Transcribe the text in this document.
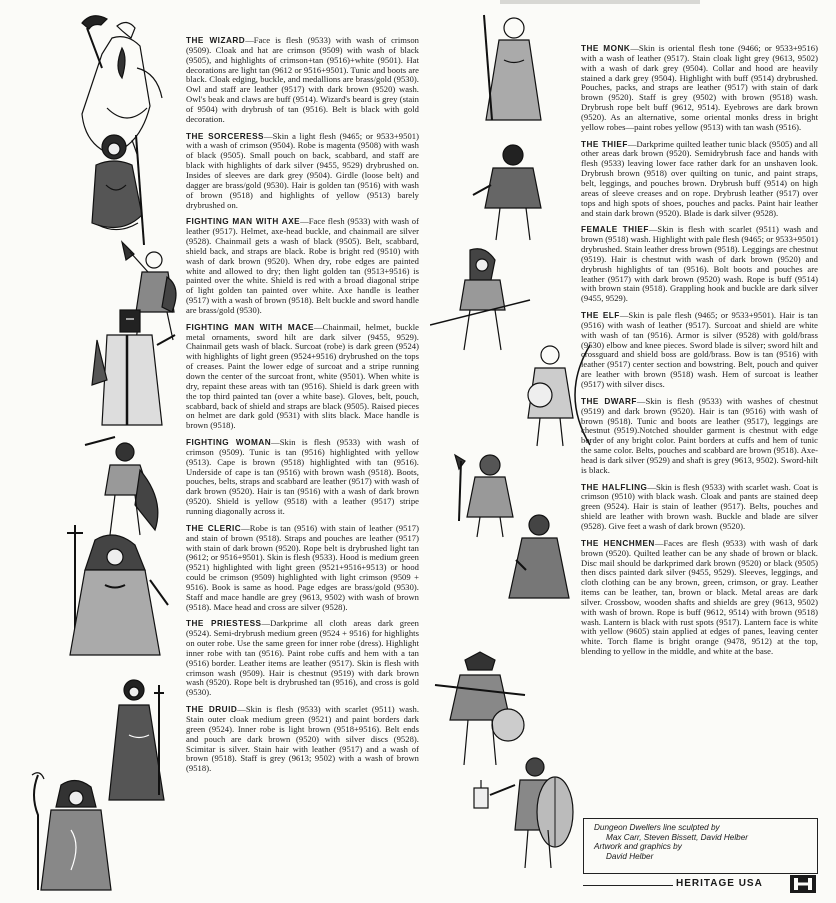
THE WIZARD—Face is flesh (9533) with wash of crimson (9509). Cloak and hat are crimson (9509) with wash of black (9505), and highlights of crimson+tan (9516)+white (9501). Hat decorations are light tan (9612 or 9516+9501). Tunic and boots are black. Cloak edging, buckle, and medallions are brass/gold (9530). Owl and staff are leather (9517) with dark brown (9520) wash. Owl's beak and claws are buff (9514). Wizard's beard is grey (stain of 9504) with drybrush of tan (9516). Belt is black with gold decoration.

THE SORCERESS—Skin a light flesh (9465; or 9533+9501) with a wash of crimson (9504). Robe is magenta (9508) with wash of black (9505). Small pouch on back, scabbard, and staff are black with highlights of dark silver (9455, 9529) drybrushed on. Insides of sleeves are dark grey (9504). Girdle (loose belt) and dagger are brass/gold (9530). Hair is golden tan (9516) with wash of brown (9518) and highlights of yellow (9513) barely drybrushed on.

FIGHTING MAN WITH AXE—Face flesh (9533) with wash of leather (9517). Helmet, axe-head buckle, and chainmail are silver (9528). Chainmail gets a wash of black (9505). Belt, scabbard, shield back, and straps are black. Robe is bright red (9510) with wash of dark brown (9520). When dry, robe edges are painted white and allowed to dry; then light golden tan (9513+9516) is painted over the white. Shield is red with a broad diagonal stripe of light golden tan painted over white. Axe handle is leather (9517) with a wash of brown (9518). Belt buckle and sword handle are brass/gold (9530).

FIGHTING MAN WITH MACE—Chainmail, helmet, buckle metal ornaments, sword hilt are dark silver (9455, 9529). Chainmail gets wash of black. Surcoat (robe) is dark green (9524) with highlights of light green (9524+9516) drybrushed on the tops of creases. Paint the lower edge of surcoat and a stripe running down the center of the surcoat front, white (9501). When white is dry, repaint these areas with tan (9516). Shield is dark green with the top third painted tan (over a white base). Gloves, belt, pouch, scabbard, back of shield and straps are black (9505). Raised pieces on helmet are dark gold (9531) with slits black. Mace handle is brown (9518).

FIGHTING WOMAN—Skin is flesh (9533) with wash of crimson (9509). Tunic is tan (9516) highlighted with yellow (9513). Cape is brown (9518) highlighted with tan (9516). Underside of cape is tan (9516) with brown wash (9518). Boots, pouches, belts, straps and scabbard are leather (9517) with wash of dark brown (9520). Hair is tan (9516) with a wash of dark brown (9520). Shield is yellow (9518) with a leather (9517) stripe running diagonally across it.

THE CLERIC—Robe is tan (9516) with stain of leather (9517) and stain of brown (9518). Straps and pouches are leather (9517) with stain of dark brown (9520). Rope belt is drybrushed light tan (9612; or 9516+9501). Skin is flesh (9533). Hood is medium green (9521) highlighted with light green (9521+9516+9513) or hood could be crimson (9509) highlighted with light crimson (9509 + 9516). Book is same as hood. Page edges are brass/gold (9530). Staff and mace handle are grey (9613, 9502) with wash of brown (9518). Mace head and cross are silver (9528).

THE PRIESTESS—Darkprime all cloth areas dark green (9524). Semi-drybrush medium green (9524 + 9516) for highlights on outer robe. Use the same green for inner robe (dress). Highlight inner robe with tan (9516). Paint robe cuffs and hem with a tan (9516) border. Leather items are leather (9517). Skin is flesh with crimson wash (9509). Hair is chestnut (9519) with dark brown wash (9520). Rope belt is drybrushed tan (9516), and cross is gold (9530).

THE DRUID—Skin is flesh (9533) with scarlet (9511) wash. Stain outer cloak medium green (9521) and paint borders dark green (9524). Inner robe is light brown (9518+9516). Belt ends and pouch are dark brown (9520) with silver discs (9528). Scimitar is silver. Stain hair with leather (9517) and a wash of brown (9518). Staff is grey (9613; 9502) with a wash of brown (9518).

THE MONK—Skin is oriental flesh tone (9466; or 9533+9516) with a wash of leather (9517). Stain cloak light grey (9613, 9502) with a wash of dark grey (9504). Collar and hood are heavily stained a dark grey (9504). Highlight with buff (9514) drybrushed. Pouches, packs, and straps are leather (9517) with stain of dark brown (9520). Staff is grey (9502) with brown (9518) wash. Drybrush rope belt buff (9612, 9514). Eyebrows are dark brown (9520). As an alternative, some oriental monks dress in bright yellow robes—paint robes yellow (9513) with tan wash (9516).

THE THIEF—Darkprime quilted leather tunic black (9505) and all other areas dark brown (9520). Semidrybrush face and hands with flesh (9533) leaving lower face rather dark for an unshaven look. Drybrush brown (9518) over quilting on tunic, and paint straps, belt, leggings, and pouches brown. Drybrush buff (9514) on high areas of sleeve creases and on rope. Drybrush leather (9517) over tops and high spots of shoes, pouches and packs. Paint hair leather and stain dark brown (9520). Blade is dark silver (9528).

FEMALE THIEF—Skin is flesh with scarlet (9511) wash and brown (9518) wash. Highlight with pale flesh (9465; or 9533+9501) drybrushed. Stain leather dress brown (9518). Leggings are chestnut (9519). Hair is chestnut with wash of dark brown (9520) and drybrush highlights of tan (9516). Bolt boots and pouches are leather (9517) with dark brown (9520) wash. Rope is buff (9514) with brown stain (9518). Grappling hook and buckle are dark silver (9455, 9529).

THE ELF—Skin is pale flesh (9465; or 9533+9501). Hair is tan (9516) with wash of leather (9517). Surcoat and shield are white with wash of tan (9516). Armor is silver (9528) with gold/brass (9530) elbow and knee pieces. Sword blade is silver; sword hilt and crossguard and shield boss are gold/brass. Bow is tan (9516) with leather (9517) center section and bowstring. Belt, pouch and quiver are leather with brown (9518) wash. Hem of surcoat is leather (9517) with silver discs.

THE DWARF—Skin is flesh (9533) with washes of chestnut (9519) and dark brown (9520). Hair is tan (9516) with wash of brown (9518). Tunic and boots are leather (9517), leggings are chestnut (9519).Notched shoulder garment is chestnut with edge border of any bright color. Paint borders at cuffs and hem of tunic the same color. Belts, pouches and scabbard are brown (9518). Axe-head is dark silver (9529) and shaft is grey (9613, 9502). Sword-hilt is black.

THE HALFLING—Skin is flesh (9533) with scarlet wash. Coat is crimson (9510) with black wash. Cloak and pants are stained deep green (9524). Hair is stain of leather (9517). Belts, pouches and shield are leather with brown wash. Buckle and blade are silver (9528). Give feet a wash of dark brown (9520).

THE HENCHMEN—Faces are flesh (9533) with wash of dark brown (9520). Quilted leather can be any shade of brown or black. Disc mail should be darkprimed dark brown (9520) or black (9505) then discs painted dark silver (9455, 9529). Sleeves, leggings, and cloth clothing can be any brown, green, crimson, or gray. Leather items can be leather, tan, brown or black. Metal areas are dark silver. Crossbow, wooden shafts and shields are grey (9613, 9502) with wash of brown. Rope is buff (9612, 9514) with brown (9518) wash. Lantern is black with rust spots (9517). Lantern face is white with yellow (9605) stain applied at edges of panes, leaving center white. Torch flame is bright orange (9478, 9512) at the top, blending to yellow in the middle, and white at the base.

Dungeon Dwellers line sculpted by
Max Carr, Steven Bissett, David Helber
Artwork and graphics by
David Helber
HERITAGE USA
